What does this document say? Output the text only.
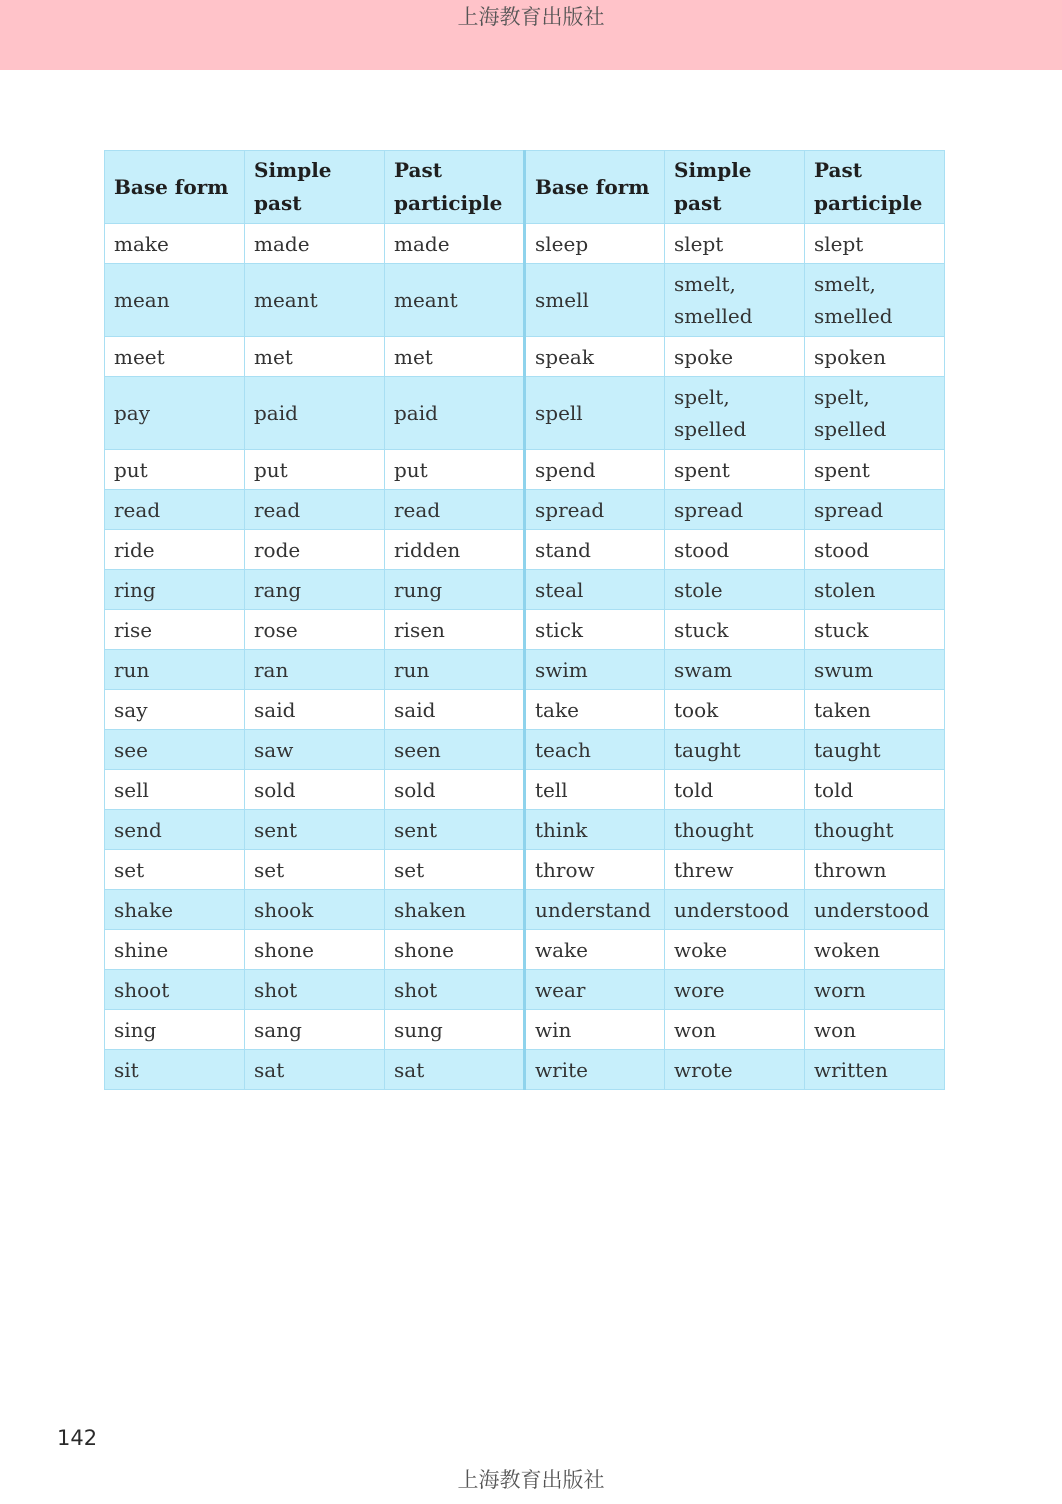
上海教育出版社
Base form	Simple past	Past participle	Base form	Simple past	Past participle
make	made	made	sleep	slept	slept
mean	meant	meant	smell	smelt, smelled	smelt, smelled
meet	met	met	speak	spoke	spoken
pay	paid	paid	spell	spelt, spelled	spelt, spelled
put	put	put	spend	spent	spent
read	read	read	spread	spread	spread
ride	rode	ridden	stand	stood	stood
ring	rang	rung	steal	stole	stolen
rise	rose	risen	stick	stuck	stuck
run	ran	run	swim	swam	swum
say	said	said	take	took	taken
see	saw	seen	teach	taught	taught
sell	sold	sold	tell	told	told
send	sent	sent	think	thought	thought
set	set	set	throw	threw	thrown
shake	shook	shaken	understand	understood	understood
shine	shone	shone	wake	woke	woken
shoot	shot	shot	wear	wore	worn
sing	sang	sung	win	won	won
sit	sat	sat	write	wrote	written
142
上海教育出版社
